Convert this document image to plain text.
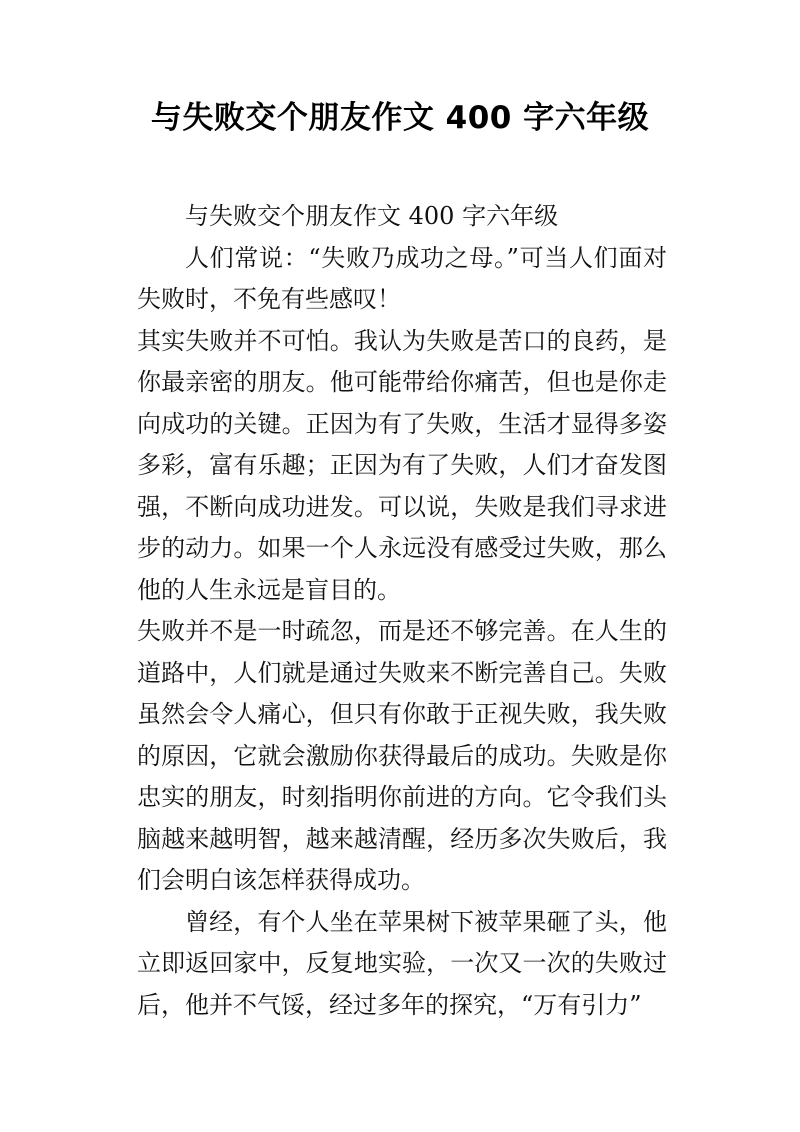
与失败交个朋友作文 400 字六年级

与失败交个朋友作文 400 字六年级

人们常说：“失败乃成功之母。”可当人们面对失败时，不免有些感叹！

其实失败并不可怕。我认为失败是苦口的良药，是你最亲密的朋友。他可能带给你痛苦，但也是你走向成功的关键。正因为有了失败，生活才显得多姿多彩，富有乐趣；正因为有了失败，人们才奋发图强，不断向成功进发。可以说，失败是我们寻求进步的动力。如果一个人永远没有感受过失败，那么他的人生永远是盲目的。

失败并不是一时疏忽，而是还不够完善。在人生的道路中，人们就是通过失败来不断完善自己。失败虽然会令人痛心，但只有你敢于正视失败，我失败的原因，它就会激励你获得最后的成功。失败是你忠实的朋友，时刻指明你前进的方向。它令我们头脑越来越明智，越来越清醒，经历多次失败后，我们会明白该怎样获得成功。

曾经，有个人坐在苹果树下被苹果砸了头，他立即返回家中，反复地实验，一次又一次的失败过后，他并不气馁，经过多年的探究，“万有引力”
